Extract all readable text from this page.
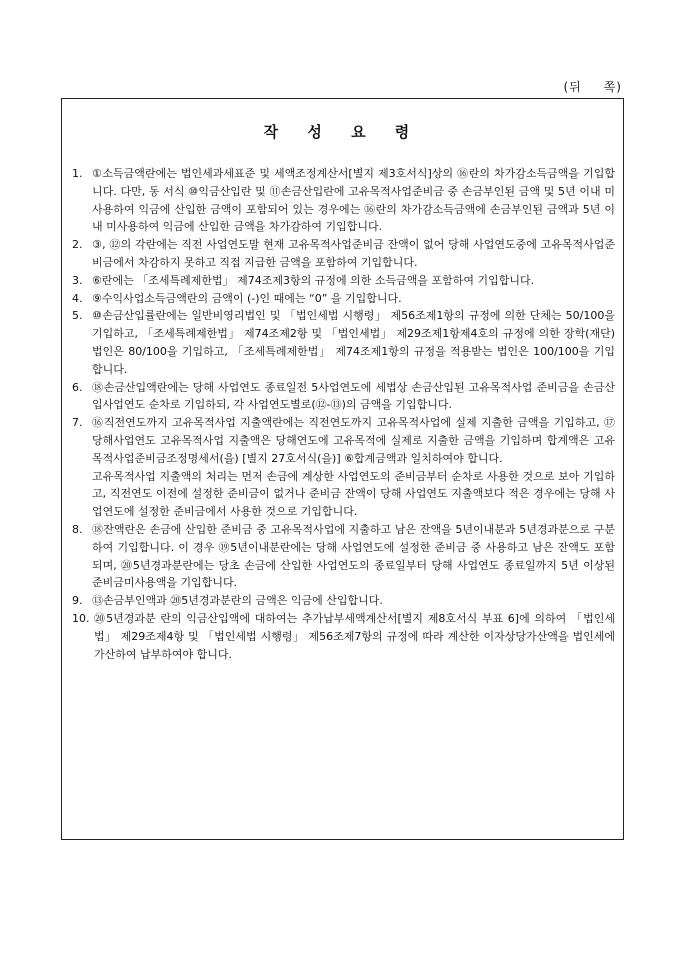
(뒤 쪽)
작 성 요 령
1. ①소득금액란에는 법인세과세표준 및 세액조정계산서[별지 제3호서식]상의 ⑯란의 차가감소득금액을 기입합니다. 다만, 동 서식 ⑩익금산입란 및 ⑪손금산입란에 고유목적사업준비금 중 손금부인된 금액 및 5년 이내 미사용하여 익금에 산입한 금액이 포함되어 있는 경우에는 ⑯란의 차가감소득금액에 손금부인된 금액과 5년 이내 미사용하여 익금에 산입한 금액을 차가감하여 기입합니다.

2. ③, ⑫의 각란에는 직전 사업연도말 현재 고유목적사업준비금 잔액이 없어 당해 사업연도중에 고유목적사업준비금에서 차감하지 못하고 직접 지급한 금액을 포함하여 기입합니다.

3. ⑥란에는 「조세특례제한법」 제74조제3항의 규정에 의한 소득금액을 포함하여 기입합니다.

4. ⑨수익사업소득금액란의 금액이 (-)인 때에는 “0” 을 기입합니다.

5. ⑩손금산입률란에는 일반비영리법인 및 「법인세법 시행령」 제56조제1항의 규정에 의한 단체는 50/100을 기입하고, 「조세특례제한법」 제74조제2항 및 「법인세법」 제29조제1항제4호의 규정에 의한 장학(재단)법인은 80/100을 기입하고, 「조세특례제한법」 제74조제1항의 규정을 적용받는 법인은 100/100을 기입합니다.

6. ⑱손금산입액란에는 당해 사업연도 종료일전 5사업연도에 세법상 손금산입된 고유목적사업 준비금을 손금산입사업연도 순차로 기입하되, 각 사업연도별로(⑫-⑬)의 금액을 기입합니다.

7. ⑯직전연도까지 고유목적사업 지출액란에는 직전연도까지 고유목적사업에 실제 지출한 금액을 기입하고, ⑰당해사업연도 고유목적사업 지출액은 당해연도에 고유목적에 실제로 지출한 금액을 기입하며 합계액은 고유목적사업준비금조정명세서(을) [별지 27호서식(을)] ⑥합계금액과 일치하여야 합니다.

고유목적사업 지출액의 처리는 먼저 손금에 계상한 사업연도의 준비금부터 순차로 사용한 것으로 보아 기입하고, 직전연도 이전에 설정한 준비금이 없거나 준비금 잔액이 당해 사업연도 지출액보다 적은 경우에는 당해 사업연도에 설정한 준비금에서 사용한 것으로 기입합니다.

8. ⑱잔액란은 손금에 산입한 준비금 중 고유목적사업에 지출하고 남은 잔액을 5년이내분과 5년경과분으로 구분하여 기입합니다. 이 경우 ⑲5년이내분란에는 당해 사업연도에 설정한 준비금 중 사용하고 남은 잔액도 포함되며, ⑳5년경과분란에는 당초 손금에 산입한 사업연도의 종료일부터 당해 사업연도 종료일까지 5년 이상된 준비금미사용액을 기입합니다.

9. ⑬손금부인액과 ⑳5년경과분란의 금액은 익금에 산입합니다.

10. ⑳5년경과분 란의 익금산입액에 대하여는 추가납부세액계산서[별지 제8호서식 부표 6]에 의하여 「법인세법」 제29조제4항 및 「법인세법 시행령」 제56조제7항의 규정에 따라 계산한 이자상당가산액을 법인세에 가산하여 납부하여야 합니다.
